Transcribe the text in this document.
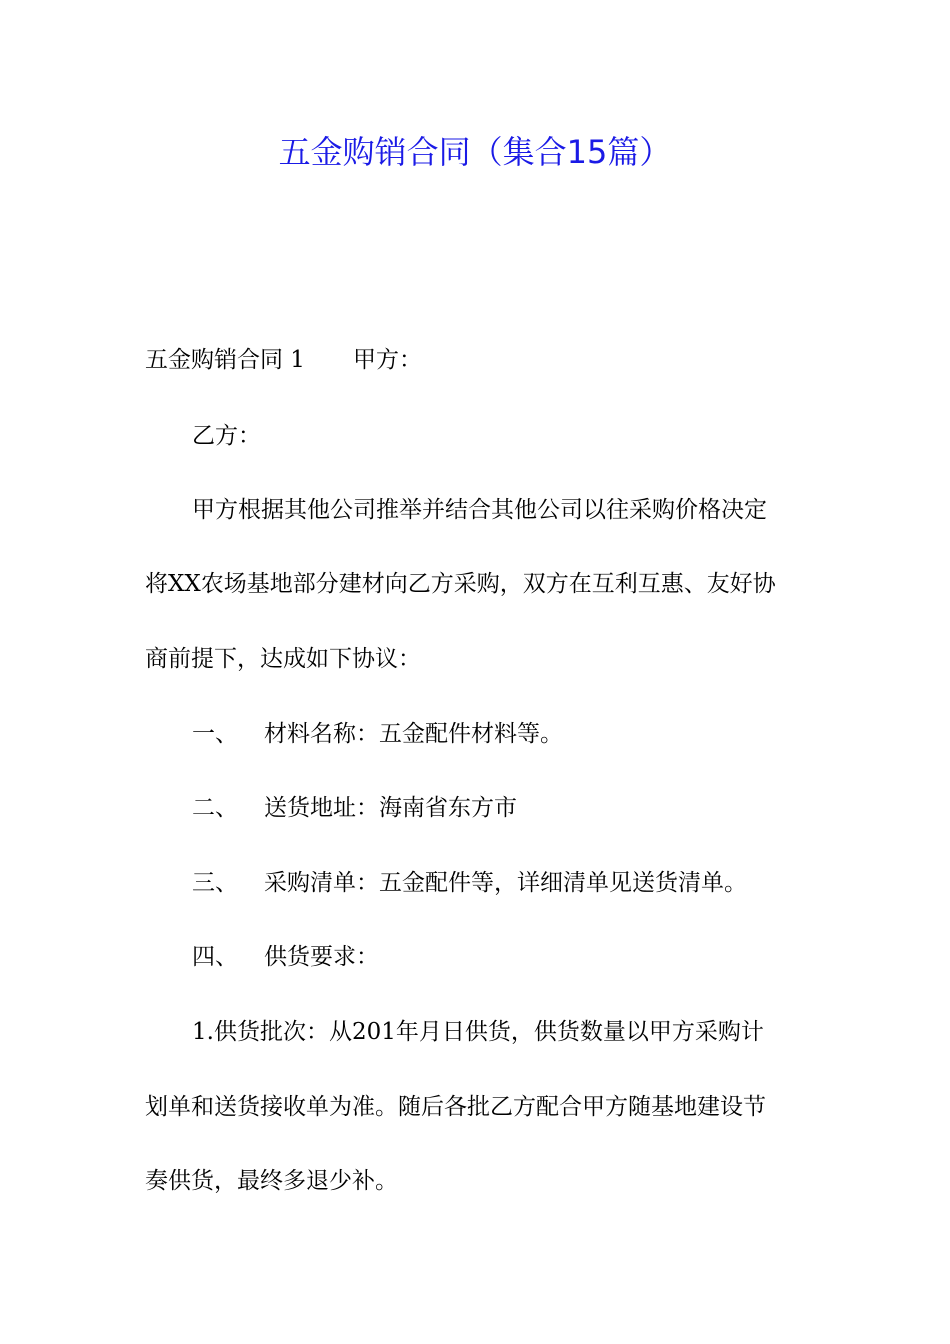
五金购销合同（集合15篇）

五金购销合同 1 甲方：

乙方：

甲方根据其他公司推举并结合其他公司以往采购价格决定

将XX农场基地部分建材向乙方采购，双方在互利互惠、友好协

商前提下，达成如下协议：

一、 材料名称：五金配件材料等。

二、 送货地址：海南省东方市

三、 采购清单：五金配件等，详细清单见送货清单。

四、 供货要求：

1.供货批次：从201年月日供货，供货数量以甲方采购计

划单和送货接收单为准。随后各批乙方配合甲方随基地建设节

奏供货，最终多退少补。
